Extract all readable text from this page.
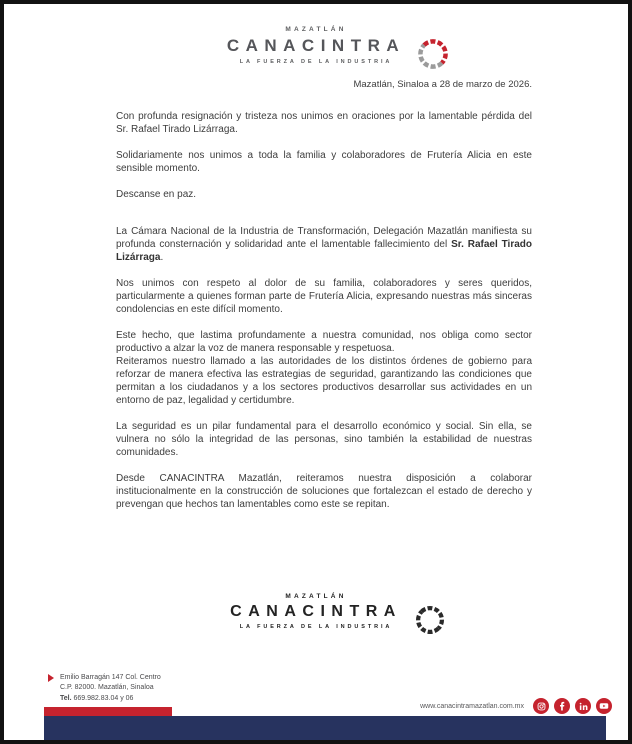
MAZATLÁN
CANACINTRA
LA FUERZA DE LA INDUSTRIA
Mazatlán, Sinaloa a 28 de marzo de 2026.

Con profunda resignación y tristeza nos unimos en oraciones por la lamentable pérdida del Sr. Rafael Tirado Lizárraga.

Solidariamente nos unimos a toda la familia y colaboradores de Frutería Alicia en este sensible momento.

Descanse en paz.

La Cámara Nacional de la Industria de Transformación, Delegación Mazatlán manifiesta su profunda consternación y solidaridad ante el lamentable fallecimiento del Sr. Rafael Tirado Lizárraga.

Nos unimos con respeto al dolor de su familia, colaboradores y seres queridos, particularmente a quienes forman parte de Frutería Alicia, expresando nuestras más sinceras condolencias en este difícil momento.

Este hecho, que lastima profundamente a nuestra comunidad, nos obliga como sector productivo a alzar la voz de manera responsable y respetuosa.

Reiteramos nuestro llamado a las autoridades de los distintos órdenes de gobierno para reforzar de manera efectiva las estrategias de seguridad, garantizando las condiciones que permitan a los ciudadanos y a los sectores productivos desarrollar sus actividades en un entorno de paz, legalidad y certidumbre.

La seguridad es un pilar fundamental para el desarrollo económico y social. Sin ella, se vulnera no sólo la integridad de las personas, sino también la estabilidad de nuestras comunidades.

Desde CANACINTRA Mazatlán, reiteramos nuestra disposición a colaborar institucionalmente en la construcción de soluciones que fortalezcan el estado de derecho y prevengan que hechos tan lamentables como este se repitan.

MAZATLÁN
CANACINTRA
LA FUERZA DE LA INDUSTRIA
Emilio Barragán 147 Col. Centro
C.P. 82000. Mazatlán, Sinaloa
Tel. 669.982.83.04 y 06
www.canacintramazatlan.com.mx
